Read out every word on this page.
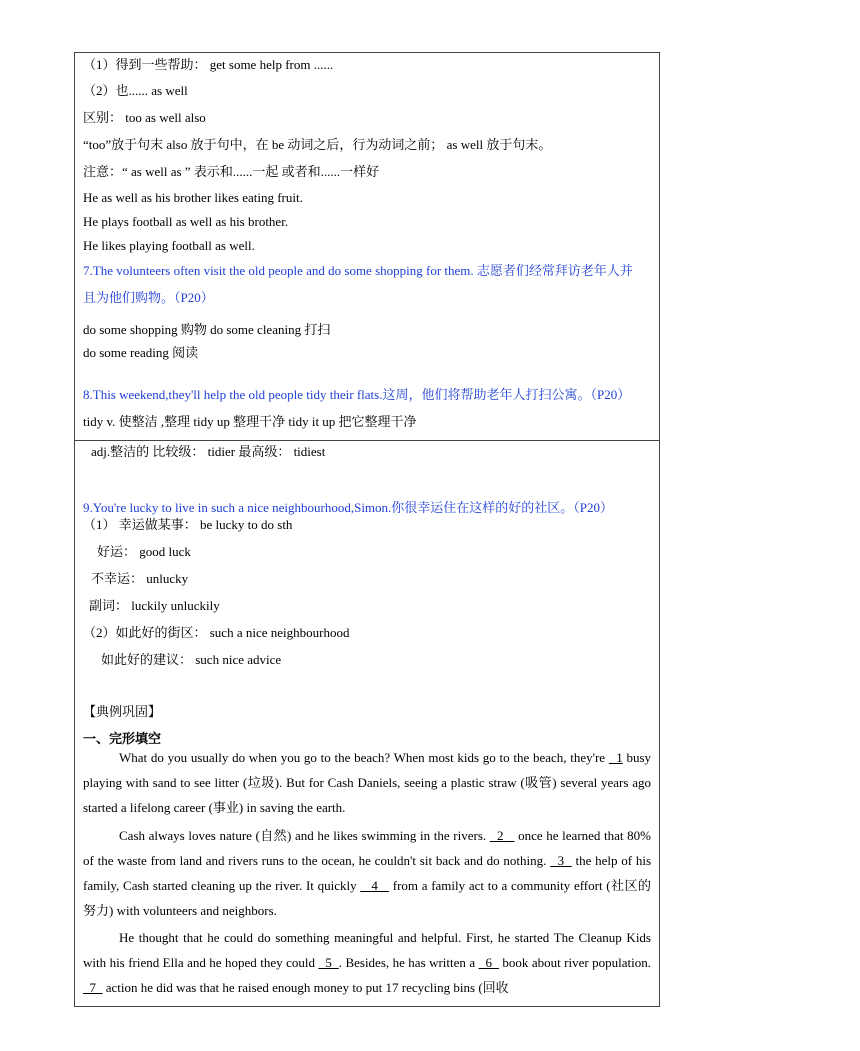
（1）得到一些帮助： get some help from ......
（2）也...... as well
区别： too as well also
“too”放于句末 also 放于句中，在 be 动词之后，行为动词之前； as well 放于句末。
注意：“ as well as ” 表示和......一起 或者和......一样好
He as well as his brother likes eating fruit.
He plays football as well as his brother.
He likes playing football as well.
7.The volunteers often visit the old people and do some shopping for them. 志愿者们经常拜访老年人并
且为他们购物。（P20）
do some shopping 购物 do some cleaning 打扫
do some reading 阅读
8.This weekend,they'll help the old people tidy their flats.这周，他们将帮助老年人打扫公寓。（P20）
tidy v. 使整洁 ,整理 tidy up 整理干净 tidy it up 把它整理干净
adj.整洁的 比较级： tidier 最高级： tidiest
9.You're lucky to live in such a nice neighbourhood,Simon.你很幸运住在这样的好的社区。（P20）
（1） 幸运做某事： be lucky to do sth
好运： good luck
不幸运： unlucky
副词： luckily unluckily
（2）如此好的街区： such a nice neighbourhood
如此好的建议： such nice advice
【典例巩固】
一、完形填空
What do you usually do when you go to the beach? When most kids go to the beach, they're   1 busy playing with sand to see litter (垃圾). But for Cash Daniels, seeing a plastic straw (吸管) several years ago started a lifelong career (事业) in saving the earth.
Cash always loves nature (自然) and he likes swimming in the rivers.   2    once he learned that 80% of the waste from land and rivers runs to the ocean, he couldn't sit back and do nothing.   3   the help of his family, Cash started cleaning up the river. It quickly    4    from a family act to a community effort (社区的努力) with volunteers and neighbors.
He thought that he could do something meaningful and helpful. First, he started The Cleanup Kids with his friend Ella and he hoped they could   5 . Besides, he has written a   6   book about river population.   7   action he did was that he raised enough money to put 17 recycling bins (回收
